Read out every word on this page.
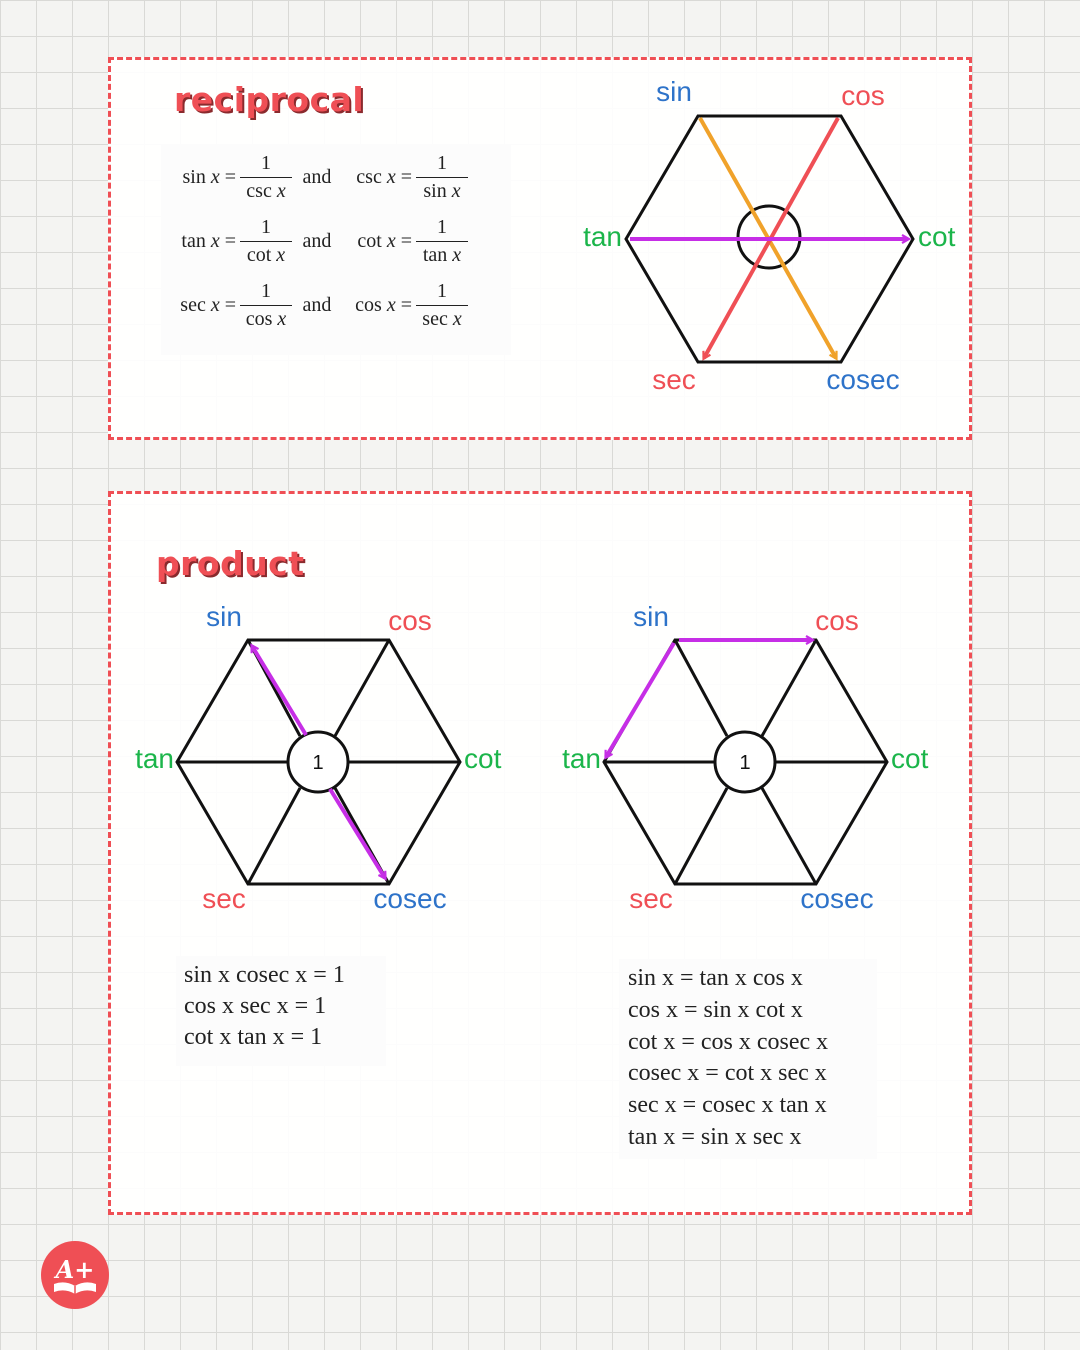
reciprocal
$\sin x = \frac{1}{\text{csc x}}$ and	$\csc x = \frac{1}{\text{sin x}}$
$\tan x = \frac{1}{\text{cot x}}$ and	$\cot x = \frac{1}{\text{tan x}}$
$\sec x = \frac{1}{\text{cos x}}$ and	$\cos x = \frac{1}{\text{sec x}}$
sin	cos
tan	cot
sec	cosec
product
sin x cosec x = 1
cos x sec x = 1
cot x tan x = 1
sin x = tan x cos x
cos x = sin x cot x
cot x = cos x cosec x
cosec x = cot x sec x
sec x = cosec x tan x
tan x = sin x sec x
1
sin	cos
tan	cot
sec	cosec
1
sin	cos
tan	cot
sec	cosec
A+
